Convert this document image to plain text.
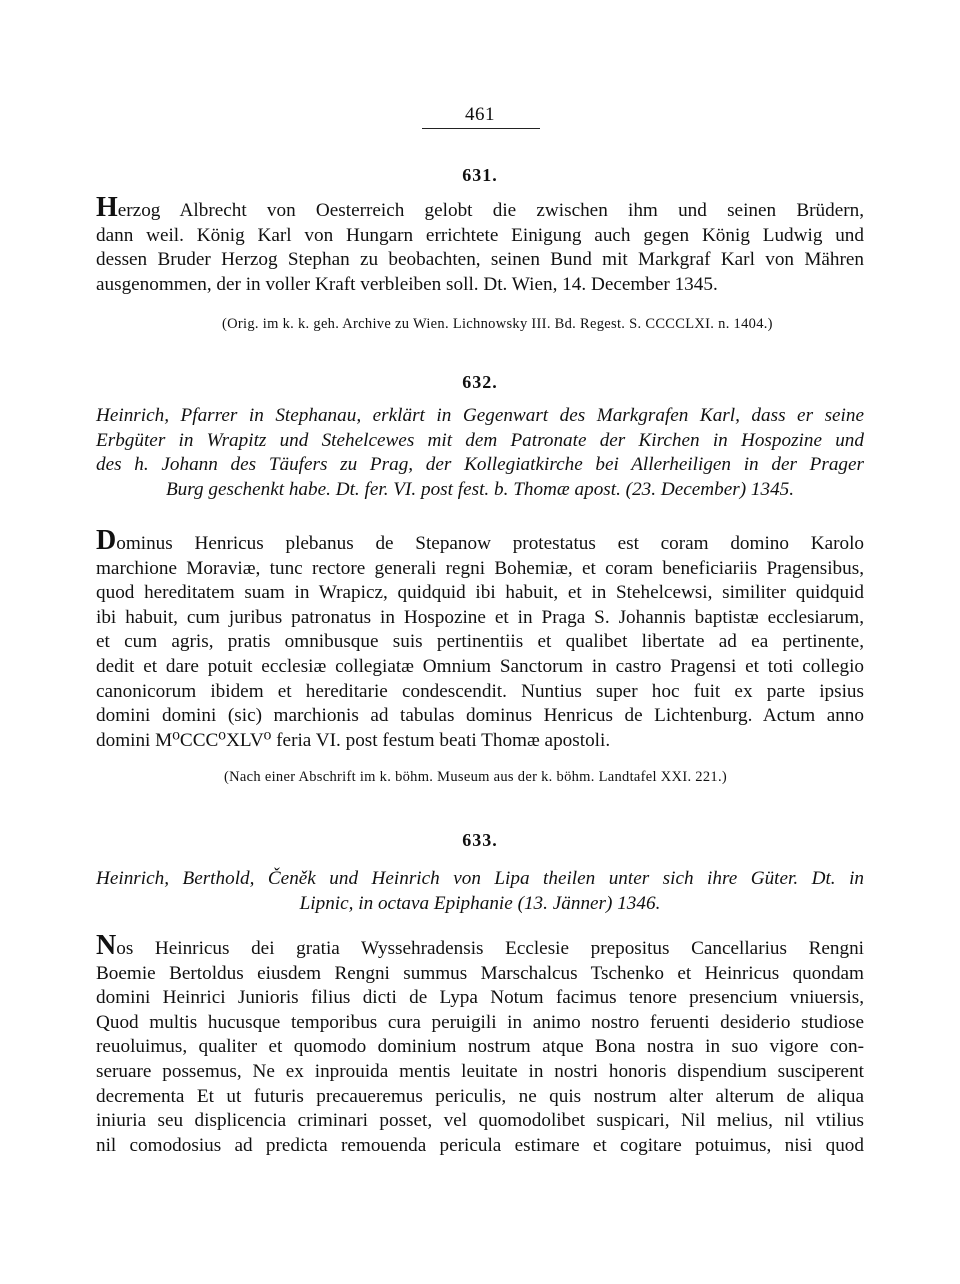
461
631.
Herzog Albrecht von Oesterreich gelobt die zwischen ihm und seinen Brüdern,
dann weil. König Karl von Hungarn errichtete Einigung auch gegen König Ludwig und
dessen Bruder Herzog Stephan zu beobachten, seinen Bund mit Markgraf Karl von Mähren
ausgenommen, der in voller Kraft verbleiben soll. Dt. Wien, 14. December 1345.
(Orig. im k. k. geh. Archive zu Wien. Lichnowsky III. Bd. Regest. S. CCCCLXI. n. 1404.)
632.
Heinrich, Pfarrer in Stephanau, erklärt in Gegenwart des Markgrafen Karl, dass er seine
Erbgüter in Wrapitz und Stehelcewes mit dem Patronate der Kirchen in Hospozine und
des h. Johann des Täufers zu Prag, der Kollegiatkirche bei Allerheiligen in der Prager
Burg geschenkt habe. Dt. fer. VI. post fest. b. Thomæ apost. (23. December) 1345.
Dominus Henricus plebanus de Stepanow protestatus est coram domino Karolo
marchione Moraviæ, tunc rectore generali regni Bohemiæ, et coram beneficiariis Pragensibus,
quod hereditatem suam in Wrapicz, quidquid ibi habuit, et in Stehelcewsi, similiter quidquid
ibi habuit, cum juribus patronatus in Hospozine et in Praga S. Johannis baptistæ ecclesiarum,
et cum agris, pratis omnibusque suis pertinentiis et qualibet libertate ad ea pertinente,
dedit et dare potuit ecclesiæ collegiatæ Omnium Sanctorum in castro Pragensi et toti collegio
canonicorum ibidem et hereditarie condescendit. Nuntius super hoc fuit ex parte ipsius
domini domini (sic) marchionis ad tabulas dominus Henricus de Lichtenburg. Actum anno
domini M⁰CCC⁰XLV⁰ feria VI. post festum beati Thomæ apostoli.
(Nach einer Abschrift im k. böhm. Museum aus der k. böhm. Landtafel XXI. 221.)
633.
Heinrich, Berthold, Čeněk und Heinrich von Lipa theilen unter sich ihre Güter. Dt. in
Lipnic, in octava Epiphanie (13. Jänner) 1346.
Nos Heinricus dei gratia Wyssehradensis Ecclesie prepositus Cancellarius Rengni
Boemie Bertoldus eiusdem Rengni summus Marschalcus Tschenko et Heinricus quondam
domini Heinrici Junioris filius dicti de Lypa Notum facimus tenore presencium vniuersis,
Quod multis hucusque temporibus cura peruigili in animo nostro feruenti desiderio studiose
reuoluimus, qualiter et quomodo dominium nostrum atque Bona nostra in suo vigore con-
seruare possemus, Ne ex inprouida mentis leuitate in nostri honoris dispendium susciperent
decrementa Et ut futuris precaueremus periculis, ne quis nostrum alter alterum de aliqua
iniuria seu displicencia criminari posset, vel quomodolibet suspicari, Nil melius, nil vtilius
nil comodosius ad predicta remouenda pericula estimare et cogitare potuimus, nisi quod
